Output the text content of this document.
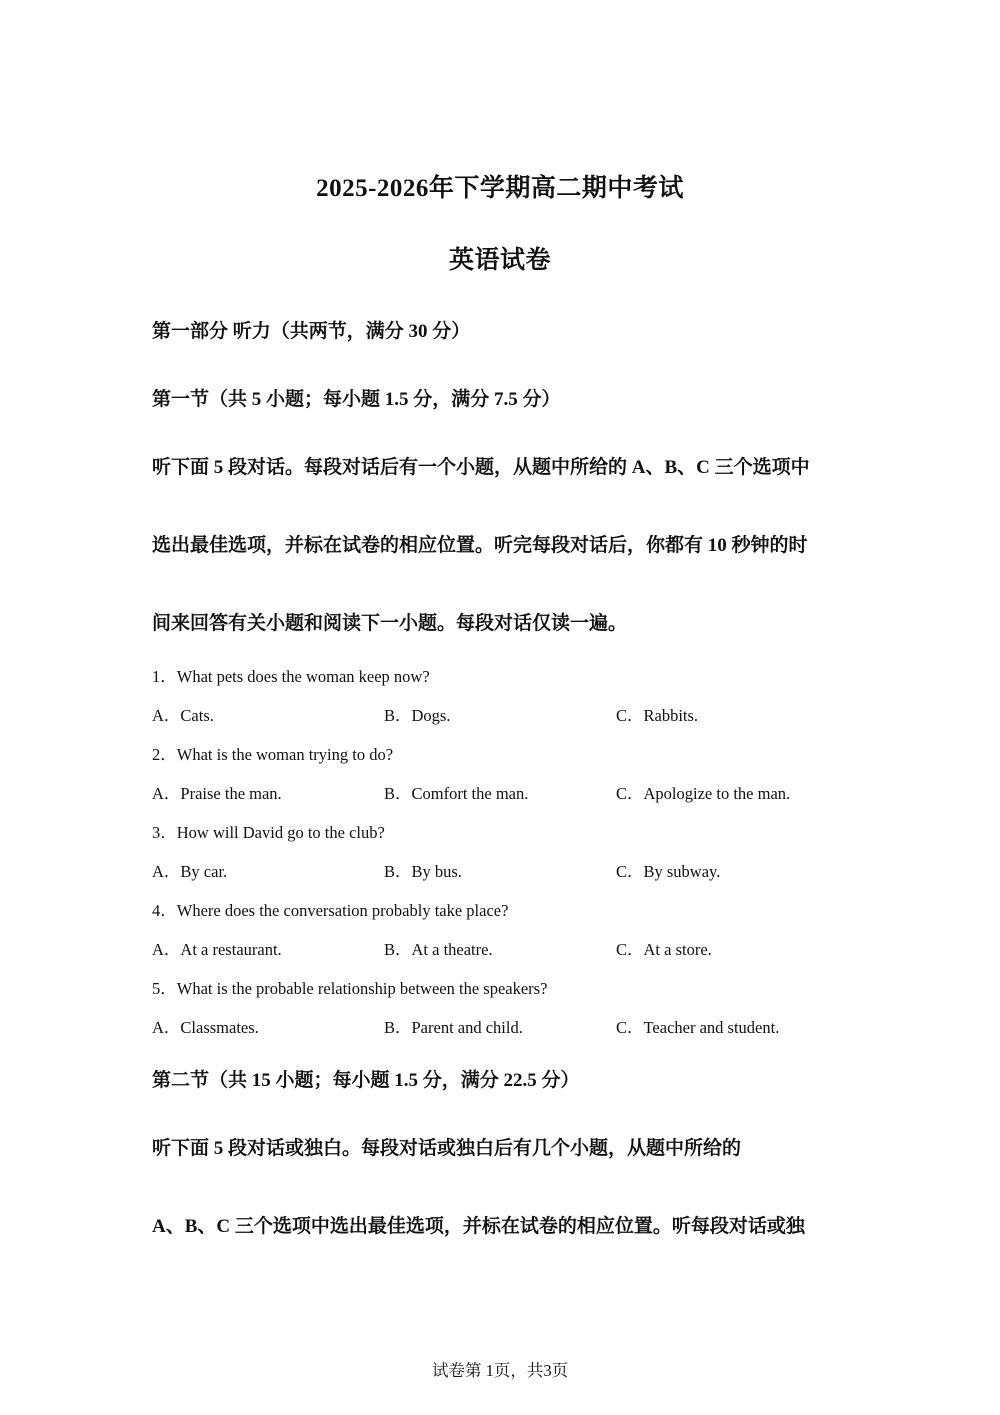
2025-2026年下学期高二期中考试
英语试卷
第一部分 听力（共两节，满分 30 分）
第一节（共 5 小题；每小题 1.5 分，满分 7.5 分）
听下面 5 段对话。每段对话后有一个小题，从题中所给的 A、B、C 三个选项中
选出最佳选项，并标在试卷的相应位置。听完每段对话后，你都有 10 秒钟的时
间来回答有关小题和阅读下一小题。每段对话仅读一遍。
1．What pets does the woman keep now?
A．Cats.	B．Dogs.	C．Rabbits.
2．What is the woman trying to do?
A．Praise the man.	B．Comfort the man.	C．Apologize to the man.
3．How will David go to the club?
A．By car.	B．By bus.	C．By subway.
4．Where does the conversation probably take place?
A．At a restaurant.	B．At a theatre.	C．At a store.
5．What is the probable relationship between the speakers?
A．Classmates.	B．Parent and child.	C．Teacher and student.
第二节（共 15 小题；每小题 1.5 分，满分 22.5 分）
听下面 5 段对话或独白。每段对话或独白后有几个小题，从题中所给的
A、B、C 三个选项中选出最佳选项，并标在试卷的相应位置。听每段对话或独
试卷第 1页，共3页
